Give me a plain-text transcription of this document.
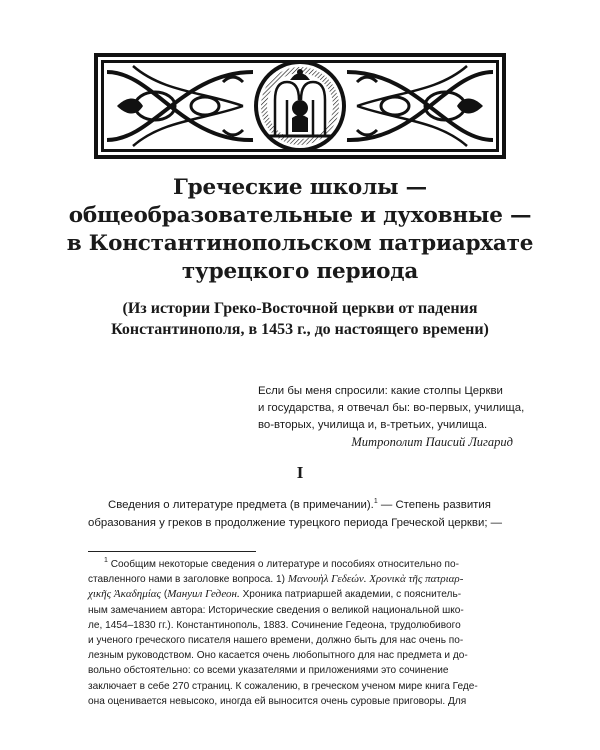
Греческие школы —
общеобразовательные и духовные —
в Константинопольском патриархате
турецкого периода
(Из истории Греко-Восточной церкви от падения
Константинополя, в 1453 г., до настоящего времени)
Если бы меня спросили: какие столпы Церкви
и государства, я отвечал бы: во-первых, училища,
во-вторых, училища и, в-третьих, училища.
Митрополит Паисий Лигарид
I
Сведения о литературе предмета (в примечании).$^1$ — Степень развития
образования у греков в продолжение турецкого периода Греческой церкви; —
$^1$ Сообщим некоторые сведения о литературе и пособиях относительно по-
ставленного нами в заголовке вопроса. 1) Μανουὴλ Γεδεών. Χρονικὰ τῆς πατριαρ-
χικῆς Ἀκαδημίας (Мануил Гедеон. Хроника патриаршей академии, с пояснитель-
ным замечанием автора: Исторические сведения о великой национальной шко-
ле, 1454–1830 гг.). Константинополь, 1883. Сочинение Гедеона, трудолюбивого
и ученого греческого писателя нашего времени, должно быть для нас очень по-
лезным руководством. Оно касается очень любопытного для нас предмета и до-
вольно обстоятельно: со всеми указателями и приложениями это сочинение
заключает в себе 270 страниц. К сожалению, в греческом ученом мире книга Геде-
она оценивается невысоко, иногда ей выносится очень суровые приговоры. Для
